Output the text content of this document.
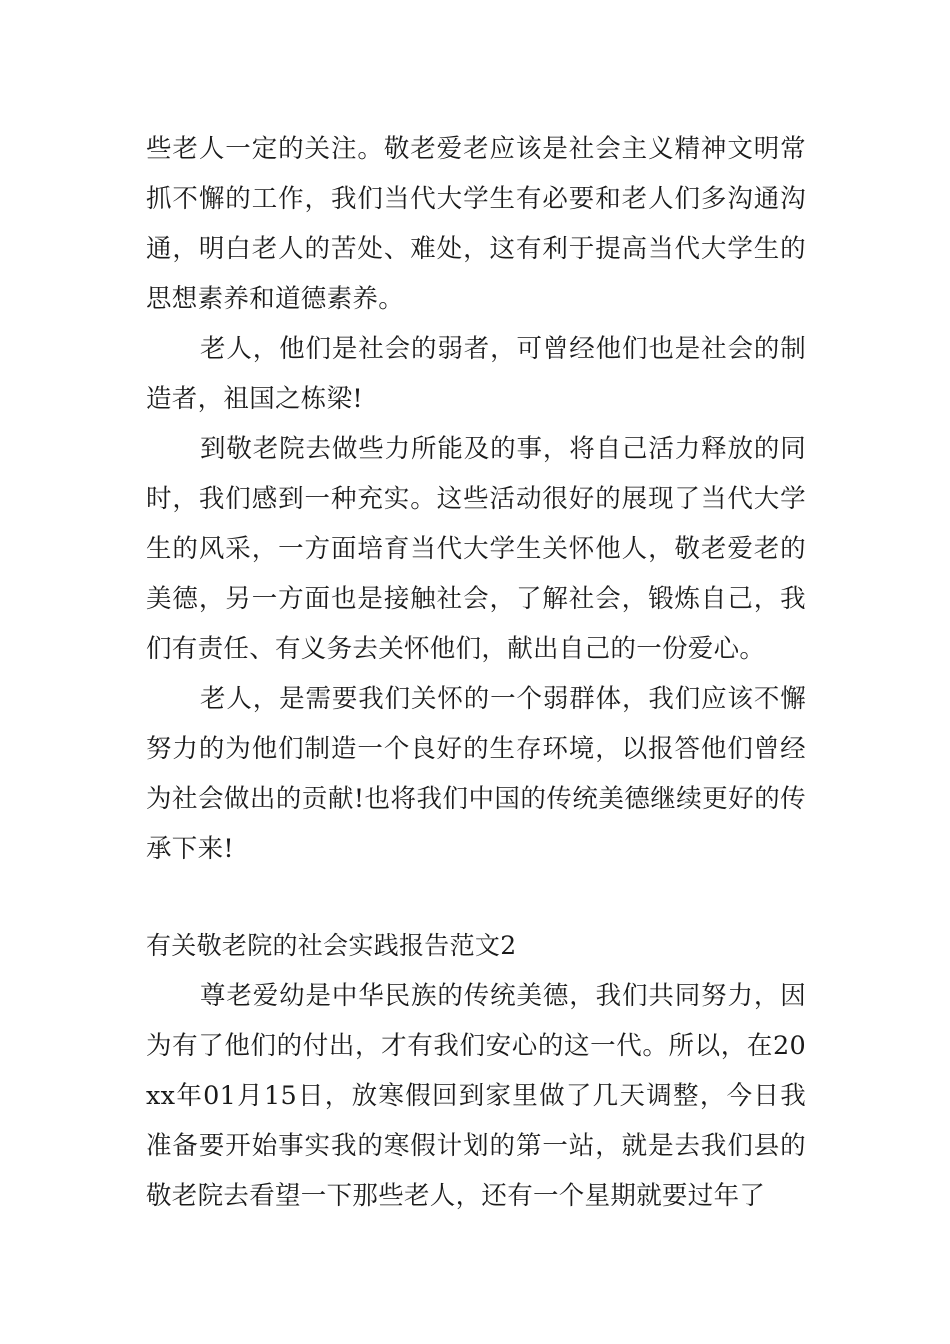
些老人一定的关注。敬老爱老应该是社会主义精神文明常抓不懈的工作，我们当代大学生有必要和老人们多沟通沟通，明白老人的苦处、难处，这有利于提高当代大学生的思想素养和道德素养。

老人，他们是社会的弱者，可曾经他们也是社会的制造者，祖国之栋梁!

到敬老院去做些力所能及的事，将自己活力释放的同时，我们感到一种充实。这些活动很好的展现了当代大学生的风采，一方面培育当代大学生关怀他人，敬老爱老的美德，另一方面也是接触社会，了解社会，锻炼自己，我们有责任、有义务去关怀他们，献出自己的一份爱心。

老人，是需要我们关怀的一个弱群体，我们应该不懈努力的为他们制造一个良好的生存环境，以报答他们曾经为社会做出的贡献!也将我们中国的传统美德继续更好的传承下来!

有关敬老院的社会实践报告范文2

尊老爱幼是中华民族的传统美德，我们共同努力，因为有了他们的付出，才有我们安心的这一代。所以，在20xx年01月15日，放寒假回到家里做了几天调整，今日我准备要开始事实我的寒假计划的第一站，就是去我们县的敬老院去看望一下那些老人，还有一个星期就要过年了
